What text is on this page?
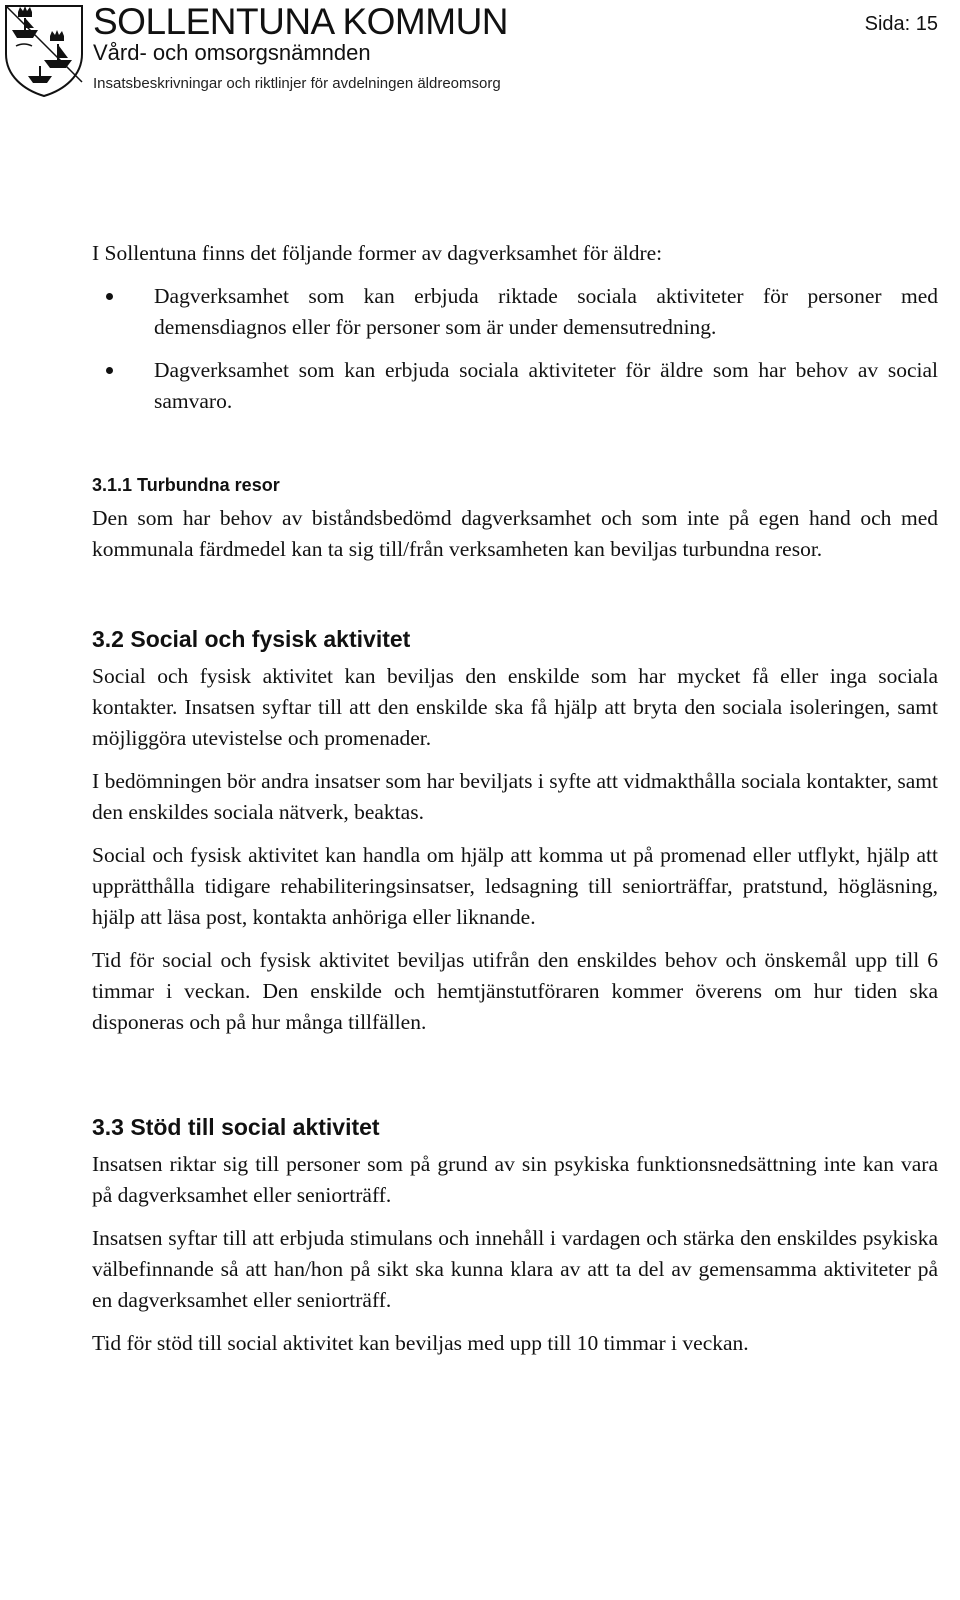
SOLLENTUNA KOMMUN
Vård- och omsorgsnämnden
Insatsbeskrivningar och riktlinjer för avdelningen äldreomsorg
Sida: 15

I Sollentuna finns det följande former av dagverksamhet för äldre:

Dagverksamhet som kan erbjuda riktade sociala aktiviteter för personer med demensdiagnos eller för personer som är under demensutredning.
Dagverksamhet som kan erbjuda sociala aktiviteter för äldre som har behov av social samvaro.
3.1.1 Turbundna resor

Den som har behov av biståndsbedömd dagverksamhet och som inte på egen hand och med kommunala färdmedel kan ta sig till/från verksamheten kan beviljas turbundna resor.

3.2 Social och fysisk aktivitet

Social och fysisk aktivitet kan beviljas den enskilde som har mycket få eller inga sociala kontakter. Insatsen syftar till att den enskilde ska få hjälp att bryta den sociala isoleringen, samt möjliggöra utevistelse och promenader.

I bedömningen bör andra insatser som har beviljats i syfte att vidmakthålla sociala kontakter, samt den enskildes sociala nätverk, beaktas.

Social och fysisk aktivitet kan handla om hjälp att komma ut på promenad eller utflykt, hjälp att upprätthålla tidigare rehabiliteringsinsatser, ledsagning till seniorträffar, pratstund, högläsning, hjälp att läsa post, kontakta anhöriga eller liknande.

Tid för social och fysisk aktivitet beviljas utifrån den enskildes behov och önskemål upp till 6 timmar i veckan. Den enskilde och hemtjänstutföraren kommer överens om hur tiden ska disponeras och på hur många tillfällen.

3.3 Stöd till social aktivitet

Insatsen riktar sig till personer som på grund av sin psykiska funktionsnedsättning inte kan vara på dagverksamhet eller seniorträff.

Insatsen syftar till att erbjuda stimulans och innehåll i vardagen och stärka den enskildes psykiska välbefinnande så att han/hon på sikt ska kunna klara av att ta del av gemensamma aktiviteter på en dagverksamhet eller seniorträff.

Tid för stöd till social aktivitet kan beviljas med upp till 10 timmar i veckan.
